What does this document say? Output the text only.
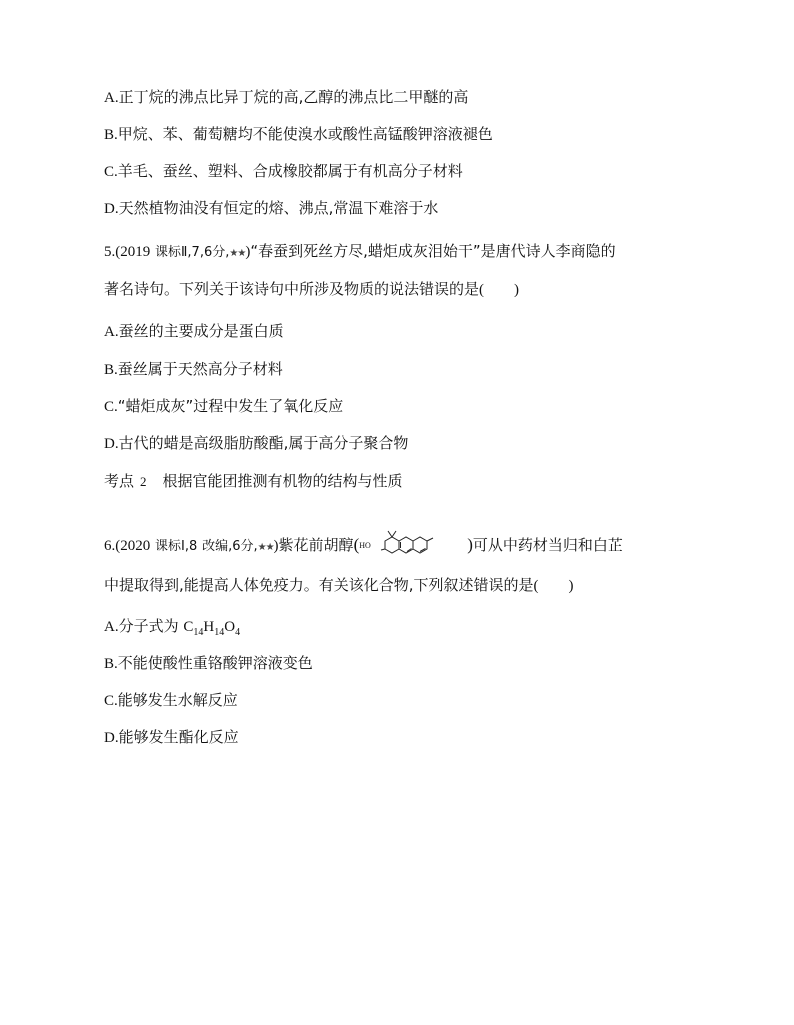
A.正丁烷的沸点比异丁烷的高,乙醇的沸点比二甲醚的高
B.甲烷、苯、葡萄糖均不能使溴水或酸性高锰酸钾溶液褪色
C.羊毛、蚕丝、塑料、合成橡胶都属于有机高分子材料
D.天然植物油没有恒定的熔、沸点,常温下难溶于水
5.(2019 课标Ⅱ,7,6分,★★)“春蚕到死丝方尽,蜡炬成灰泪始干”是唐代诗人李商隐的
著名诗句。下列关于该诗句中所涉及物质的说法错误的是( )
A.蚕丝的主要成分是蛋白质
B.蚕丝属于天然高分子材料
C.“蜡炬成灰”过程中发生了氧化反应
D.古代的蜡是高级脂肪酸酯,属于高分子聚合物
考点 2 根据官能团推测有机物的结构与性质
6.(2020 课标Ⅰ,8 改编,6分,★★)紫花前胡醇( HO	)可从中药材当归和白芷
中提取得到,能提高人体免疫力。有关该化合物,下列叙述错误的是( )
A.分子式为 $C_{14}H_{14}O_4$
B.不能使酸性重铬酸钾溶液变色
C.能够发生水解反应
D.能够发生酯化反应
